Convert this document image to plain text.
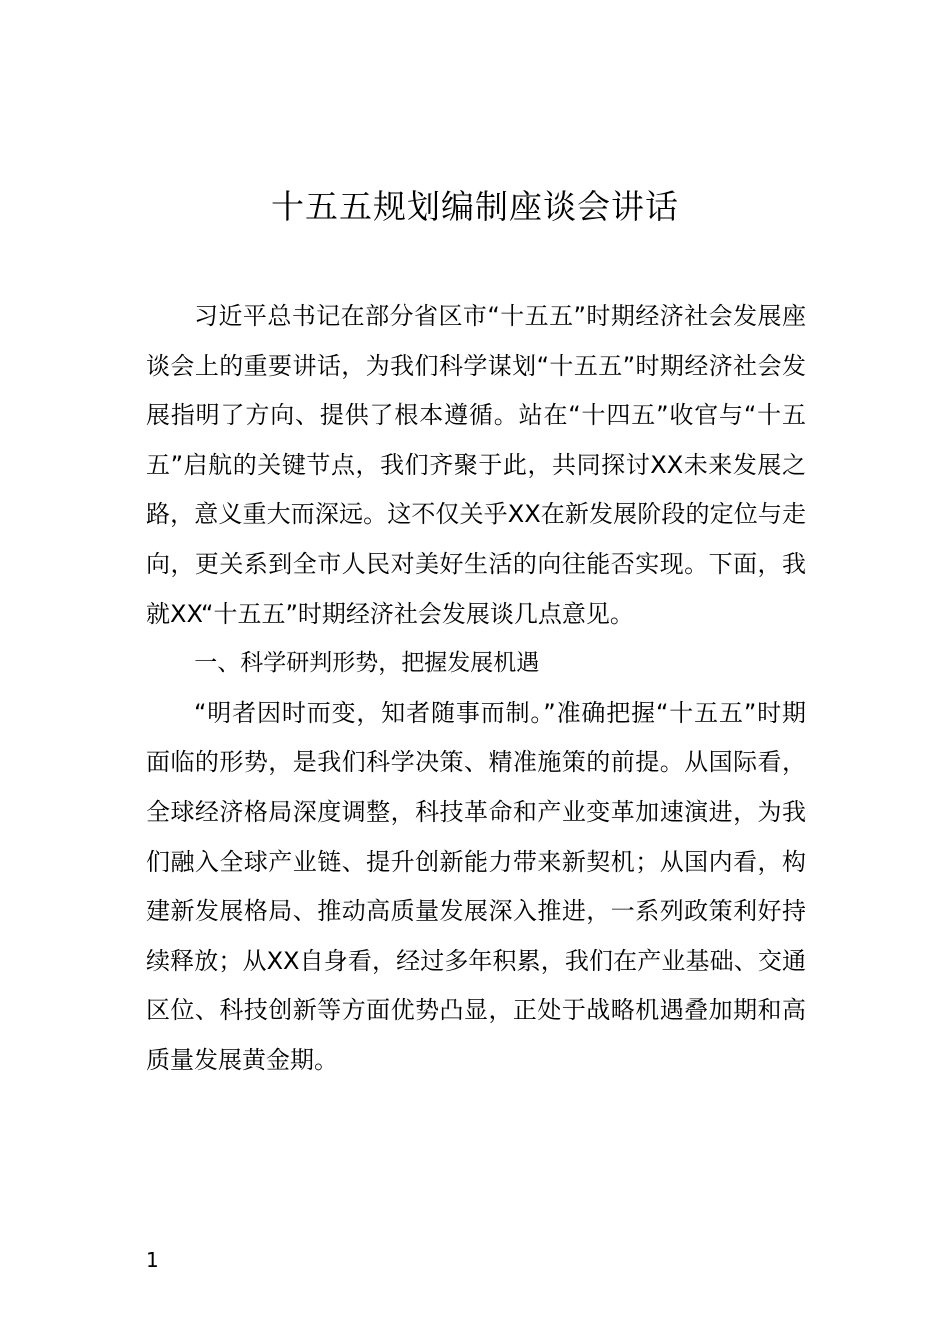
十五五规划编制座谈会讲话

习近平总书记在部分省区市“十五五”时期经济社会发展座谈会上的重要讲话，为我们科学谋划“十五五”时期经济社会发展指明了方向、提供了根本遵循。站在“十四五”收官与“十五五”启航的关键节点，我们齐聚于此，共同探讨XX未来发展之路，意义重大而深远。这不仅关乎XX在新发展阶段的定位与走向，更关系到全市人民对美好生活的向往能否实现。下面，我就XX“十五五”时期经济社会发展谈几点意见。

一、科学研判形势，把握发展机遇

“明者因时而变，知者随事而制。”准确把握“十五五”时期面临的形势，是我们科学决策、精准施策的前提。从国际看，全球经济格局深度调整，科技革命和产业变革加速演进，为我们融入全球产业链、提升创新能力带来新契机；从国内看，构建新发展格局、推动高质量发展深入推进，一系列政策利好持续释放；从XX自身看，经过多年积累，我们在产业基础、交通区位、科技创新等方面优势凸显，正处于战略机遇叠加期和高质量发展黄金期。

1
